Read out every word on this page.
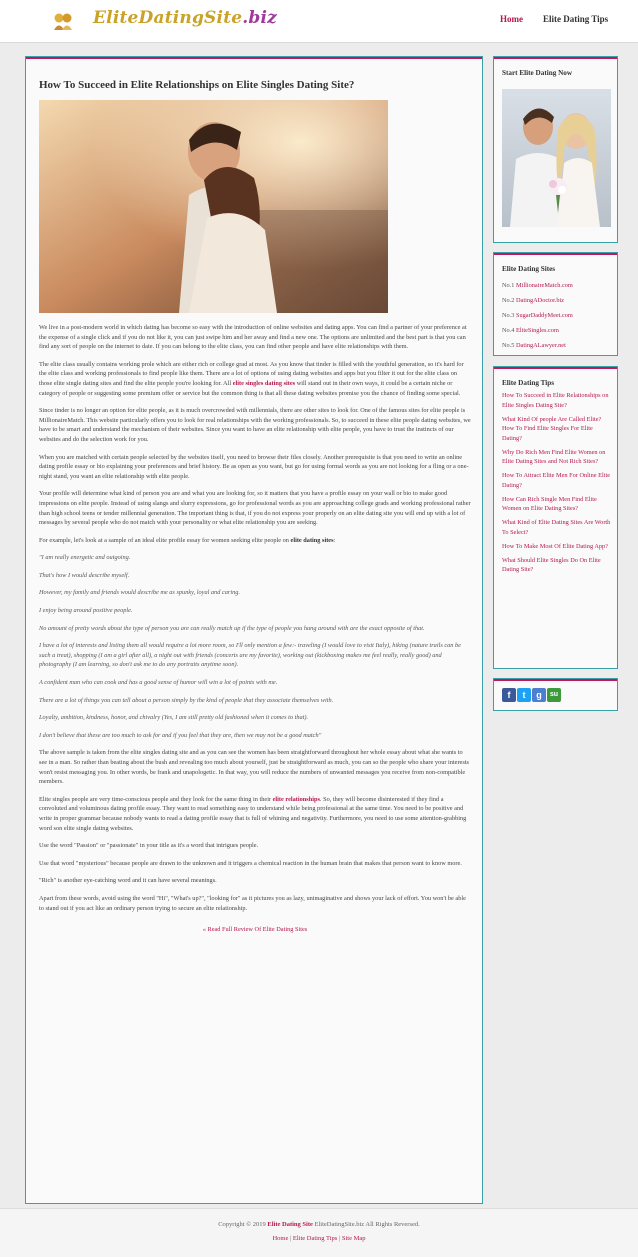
EliteDatingSite.biz	Home Elite Dating Tips
How To Succeed in Elite Relationships on Elite Singles Dating Site?

We live in a post-modern world in which dating has become so easy with the introduction of online websites and dating apps. You can find a partner of your preference at the expense of a single click and if you do not like it, you can just swipe him and her away and find a new one. The options are unlimited and the best part is that you can find any sort of people on the internet to date. If you can belong to the elite class, you can find other people and have elite relationships with them.

The elite class usually contains working prole which are either rich or college grad at most. As you know that tinder is filled with the youthful generation, so it's hard for the elite class and working professionals to find people like them. There are a lot of options of using dating websites and apps but you filter it out for the elite class on those elite single dating sites and find the elite people you're looking for. All elite singles dating sites will stand out in their own ways, it could be a certain niche or category of people or suggesting some premium offer or service but the common thing is that all these dating websites promise you the chance of finding some special.

Since tinder is no longer an option for elite people, as it is much overcrowded with millennials, there are other sites to look for. One of the famous sites for elite people is MillionaireMatch. This website particularly offers you to look for real relationships with the working professionals. So, to succeed in these elite people dating websites, we have to be smart and understand the mechanism of their websites. Since you want to have an elite relationship with elite people, you have to trust the instincts of our websites and do the selection work for you.

When you are matched with certain people selected by the websites itself, you need to browse their files closely. Another prerequisite is that you need to write an online dating profile essay or bio explaining your preferences and brief history. Be as open as you want, but go for using formal words as you are not looking for a fling or a one-night stand, you want an elite relationship with elite people.

Your profile will determine what kind of person you are and what you are looking for, so it matters that you have a profile essay on your wall or bio to make good impressions on elite people. Instead of using slangs and slurry expressions, go for professional words as you are approaching college grads and working professional rather than high school teens or tender millennial generation. The important thing is that, if you do not express your properly on an elite dating site you will end up with a lot of messages by several people who do not match with your personality or what elite relationship you are seeking.

For example, let's look at a sample of an ideal elite profile essay for women seeking elite people on elite dating sites:

"I am really energetic and outgoing.

That's how I would describe myself.

However, my family and friends would describe me as spunky, loyal and caring.

I enjoy being around positive people.

No amount of pretty words about the type of person you are can really match up if the type of people you hang around with are the exact opposite of that.

I have a lot of interests and listing them all would require a lot more room, so I'll only mention a few:- traveling (I would love to visit Italy), hiking (nature trails can be such a treat), shopping (I am a girl after all), a night out with friends (concerts are my favorite), working out (kickboxing makes me feel really, really good) and photography (I am learning, so don't ask me to do any portraits anytime soon).

A confident man who can cook and has a good sense of humor will win a lot of points with me.

There are a lot of things you can tell about a person simply by the kind of people that they associate themselves with.

Loyalty, ambition, kindness, honor, and chivalry (Yes, I am still pretty old fashioned when it comes to that).

I don't believe that these are too much to ask for and if you feel that they are, then we may not be a good match"

The above sample is taken from the elite singles dating site and as you can see the women has been straightforward throughout her whole essay about what she wants to see in a man. So rather than beating about the bush and revealing too much about yourself, just be straightforward as much, you can so the people who share your interests won't resist messaging you. In other words, be frank and unapologetic. In that way, you will reduce the numbers of unwanted messages you receive from non-compatible members.

Elite singles people are very time-conscious people and they look for the same thing in their elite relationships. So, they will become disinterested if they find a convoluted and voluminous dating profile essay. They want to read something easy to understand while being professional at the same time. You need to be positive and write in proper grammar because nobody wants to read a dating profile essay that is full of whining and negativity. Furthermore, you need to use some attention-grabbing word son elite single dating websites.

Use the word "Passion" or "passionate" in your title as it's a word that intrigues people.

Use that word "mysterious" because people are drawn to the unknown and it triggers a chemical reaction in the human brain that makes that person want to know more.

"Rich" is another eye-catching word and it can have several meanings.

Apart from these words, avoid using the word "Hi", "What's up?", "looking for" as it pictures you as lazy, unimaginative and shows your lack of effort. You won't be able to stand out if you act like an ordinary person trying to secure an elite relationship.

« Read Full Review Of Elite Dating Sites

Start Elite Dating Now
Elite Dating Sites
No.1 MillionaireMatch.com
No.2 DatingADoctor.biz
No.3 SugarDaddyMeet.com
No.4 EliteSingles.com
No.5 DatingALawyer.net
Elite Dating Tips
How To Succeed in Elite Relationships on Elite Singles Dating Site?
What Kind Of people Are Called Elite? How To Find Elite Singles For Elite Dating?
Why Do Rich Men Find Elite Women on Elite Dating Sites and Not Rich Sites?
How To Attract Elite Men For Online Elite Dating?
How Can Rich Single Men Find Elite Women on Elite Dating Sites?
What Kind of Elite Dating Sites Are Worth To Select?
How To Make Most Of Elite Dating App?
What Should Elite Singles Do On Elite Dating Site?
f	t	g	su
Copyright © 2019 Elite Dating Site EliteDatingSite.biz All Rights Reversed.
Home | Elite Dating Tips | Site Map
